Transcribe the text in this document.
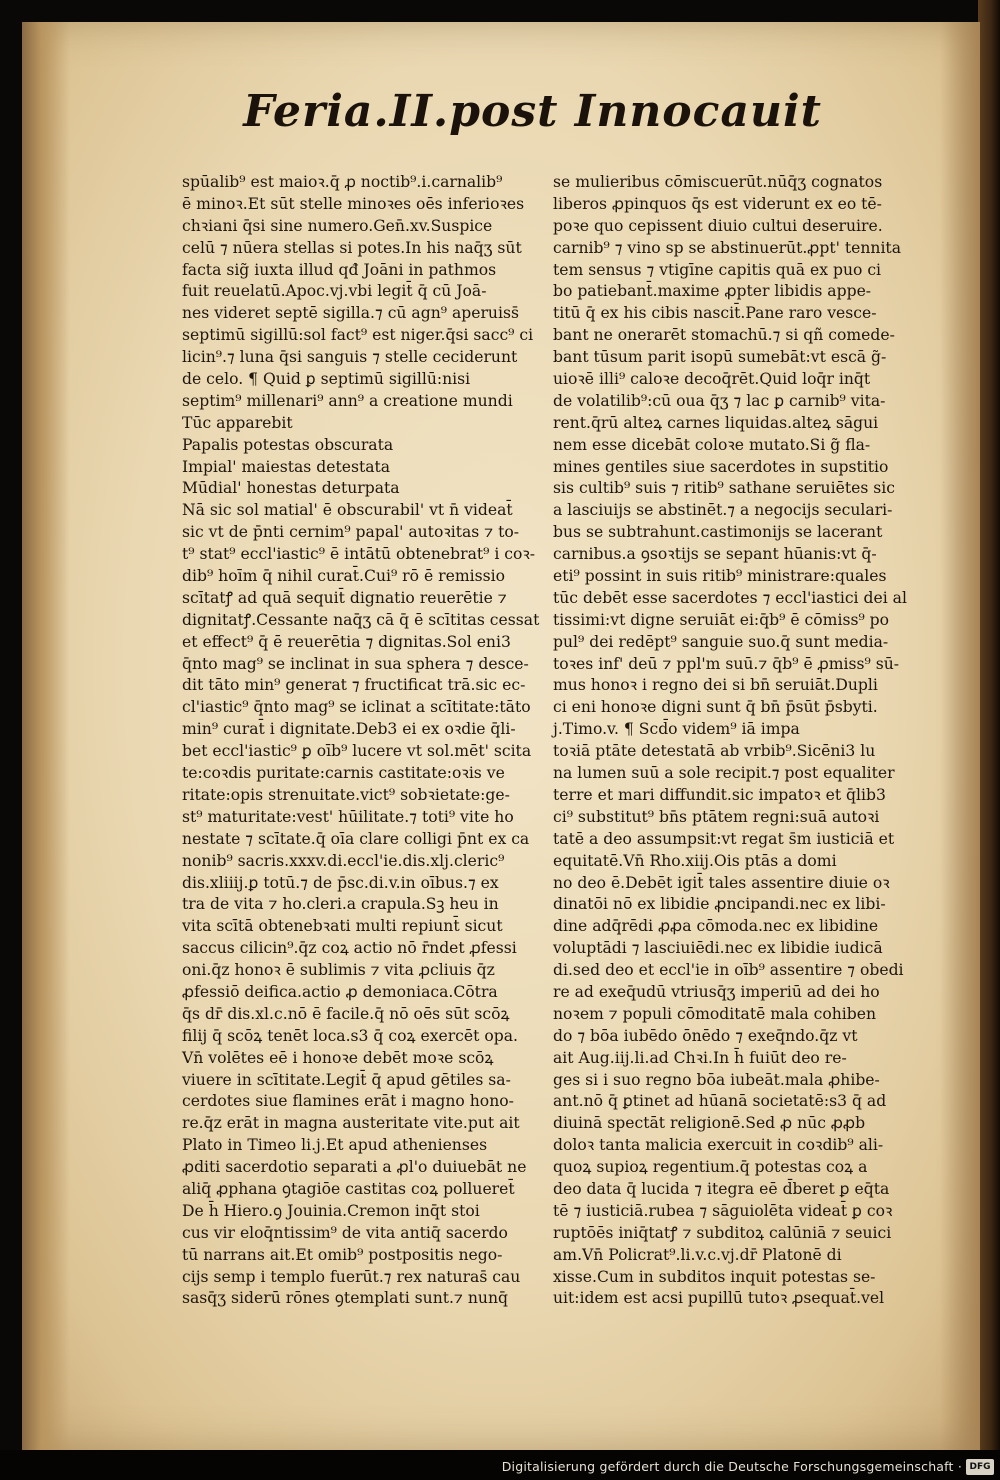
Feria.II.post Innocauit
spūalib⁹ est maioꝛ.q̄ ꝓ noctib⁹.i.carnalib⁹
ē minoꝛ.Et sūt stelle minoꝛes oēs inferioꝛes
chꝛiani q̄si sine numero.Gen̄.xv.Suspice
celū ⁊ nūera stellas si potes.In his naq̄ʒ sūt
facta sig̃ iuxta illud qđ Joāni in pathmos
fuit reuelatū.Apoc.vj.vbi legit̄ q̄ cū Joā-
nes videret septē sigilla.⁊ cū agn⁹ aperuiss̄
septimū sigillū:sol fact⁹ est niger.q̄si sacc⁹ ci
licin⁹.⁊ luna q̄si sanguis ⁊ stelle ceciderunt
de celo. ¶ Quid ꝑ septimū sigillū:nisi
septim⁹ millenari⁹ ann⁹ a creatione mundi
Tūc apparebit
Papalis potestas obscurata
Impial' maiestas detestata
Mūdial' honestas deturpata
Nā sic sol matial' ē obscurabil' vt n̄ videat̄
sic vt de p̄nti cernim⁹ papal' autoꝛitas ⁊ to-
t⁹ stat⁹ eccl'iastic⁹ ē intātū obtenebrat⁹ i coꝛ-
dib⁹ hoīm q̄ nihil curat̄.Cui⁹ rō ē remissio
scītatꝭ ad quā sequit̄ dignatio reuerētie ⁊
dignitatꝭ.Cessante naq̄ʒ cā q̄ ē scītitas cessat
et effect⁹ q̄ ē reuerētia ⁊ dignitas.Sol eni3
q̄nto mag⁹ se inclinat in sua sphera ⁊ desce-
dit tāto min⁹ generat ⁊ fructificat trā.sic ec-
cl'iastic⁹ q̄nto mag⁹ se iclinat a scītitate:tāto
min⁹ curat̄ i dignitate.Deb3 ei ex oꝛdie q̄li-
bet eccl'iastic⁹ ꝑ oīb⁹ lucere vt sol.mēt' scita
te:coꝛdis puritate:carnis castitate:oꝛis ve
ritate:opis strenuitate.vict⁹ sobꝛietate:ge-
st⁹ maturitate:vest' hūilitate.⁊ toti⁹ vite ho
nestate ⁊ scītate.q̄ oīa clare colligi p̄nt ex ca
nonib⁹ sacris.xxxv.di.eccl'ie.dis.xlj.cleric⁹
dis.xliiij.ꝑ totū.⁊ de p̄sc.di.v.in oībus.⁊ ex
tra de vita ⁊ ho.cleri.a crapula.Sꝫ heu in
vita scītā obtenebꝛati multi repiunt̄ sicut
saccus cilicin⁹.q̄z coꝝ actio nō r̄ndet ꝓfessi
oni.q̄z honoꝛ ē sublimis ⁊ vita ꝓcliuis q̄z
ꝓfessiō deifica.actio ꝓ demoniaca.Cōtra
q̄s dr̄ dis.xl.c.nō ē facile.q̄ nō oēs sūt scōꝝ
filij q̄ scōꝝ tenēt loca.s3 q̄ coꝝ exercēt opa.
Vn̄ volētes eē i honoꝛe debēt moꝛe scōꝝ
viuere in scītitate.Legit̄ q̄ apud gētiles sa-
cerdotes siue flamines erāt i magno hono-
re.q̄z erāt in magna austeritate vite.put ait
Plato in Timeo li.j.Et apud athenienses
ꝓditi sacerdotio separati a ꝓl'o duiuebāt ne
aliq̄ ꝓphana ꝯtagiōe castitas coꝝ pollueret̄
De h̄ Hiero.ꝯ Jouinia.Cremon inq̄t stoi
cus vir eloq̄ntissim⁹ de vita antiq̄ sacerdo
tū narrans ait.Et omib⁹ postpositis nego-
cijs semp i templo fuerūt.⁊ rex naturas̄ cau
sasq̄ʒ siderū rōnes ꝯtemplati sunt.⁊ nunq̄
se mulieribus cōmiscuerūt.nūq̄ʒ cognatos
liberos ꝓpinquos q̄s est viderunt ex eo tē-
poꝛe quo cepissent diuio cultui deseruire.
carnib⁹ ⁊ vino sp se abstinuerūt.ꝓpt' tennita
tem sensus ⁊ vtigīne capitis quā ex puo ci
bo patiebant̄.maxime ꝓpter libidis appe-
titū q̄ ex his cibis nascit̄.Pane raro vesce-
bant ne onerarēt stomachū.⁊ si qñ comede-
bant tūsum parit isopū sumebāt:vt escā g̃-
uioꝛē illi⁹ caloꝛe decoq̄rēt.Quid loq̄r inq̄t
de volatilib⁹:cū oua q̄ʒ ⁊ lac ꝑ carnib⁹ vita-
rent.q̄rū alteꝝ carnes liquidas.alteꝝ sāgui
nem esse dicebāt coloꝛe mutato.Si g̃ fla-
mines gentiles siue sacerdotes in supstitio
sis cultib⁹ suis ⁊ ritib⁹ sathane seruiētes sic
a lasciuijs se abstinēt.⁊ a negocijs seculari-
bus se subtrahunt.castimonijs se lacerant
carnibus.a ꝯsoꝛtijs se sepant hūanis:vt q̄-
eti⁹ possint in suis ritib⁹ ministrare:quales
tūc debēt esse sacerdotes ⁊ eccl'iastici dei al
tissimi:vt digne seruiāt ei:q̄b⁹ ē cōmiss⁹ po
pul⁹ dei redēpt⁹ sanguie suo.q̄ sunt media-
toꝛes inf' deū ⁊ ppl'm suū.⁊ q̄b⁹ ē ꝓmiss⁹ sū-
mus honoꝛ i regno dei si bn̄ seruiāt.Dupli
ci eni honoꝛe digni sunt q̄ bn̄ p̄sūt p̄sbyti.
j.Timo.v. ¶ Scd̄o videm⁹ iā impa
toꝛiā ptāte detestatā ab vrbib⁹.Sicēni3 lu
na lumen suū a sole recipit.⁊ post equaliter
terre et mari diffundit.sic impatoꝛ et q̄lib3
ci⁹ substitut⁹ bn̄s ptātem regni:suā autoꝛi
tatē a deo assumpsit:vt regat s̄m iusticiā et
equitatē.Vn̄ Rho.xiij.Ois ptās a domi
no deo ē.Debēt igit̄ tales assentire diuie oꝛ
dinatōi nō ex libidie ꝓncipandi.nec ex libi-
dine adq̄rēdi ꝓꝓa cōmoda.nec ex libidine
voluptādi ⁊ lasciuiēdi.nec ex libidie iudicā
di.sed deo et eccl'ie in oīb⁹ assentire ⁊ obedi
re ad exeq̄udū vtriusq̄ʒ imperiū ad dei ho
noꝛem ⁊ populi cōmoditatē mala cohiben
do ⁊ bōa iubēdo ōnēdo ⁊ exeq̄ndo.q̄z vt
ait Aug.iij.li.ad Chꝛi.In h̄ fuiūt deo re-
ges si i suo regno bōa iubeāt.mala ꝓhibe-
ant.nō q̄ ꝑtinet ad hūanā societatē:s3 q̄ ad
diuinā spectāt religionē.Sed ꝓ nūc ꝓꝓb
doloꝛ tanta malicia exercuit in coꝛdib⁹ ali-
quoꝝ supioꝝ regentium.q̄ potestas coꝝ a
deo data q̄ lucida ⁊ itegra eē d̄beret ꝑ eq̄ta
tē ⁊ iusticiā.rubea ⁊ sāguiolēta videat̄ ꝑ coꝛ
ruptōēs iniq̄tatꝭ ⁊ subditoꝝ calūniā ⁊ seuici
am.Vn̄ Policrat⁹.li.v.c.vj.dr̄ Platonē di
xisse.Cum in subditos inquit potestas se-
uit:idem est acsi pupillū tutoꝛ ꝓsequat̄.vel
Digitalisierung gefördert durch die Deutsche Forschungsgemeinschaft · DFG
